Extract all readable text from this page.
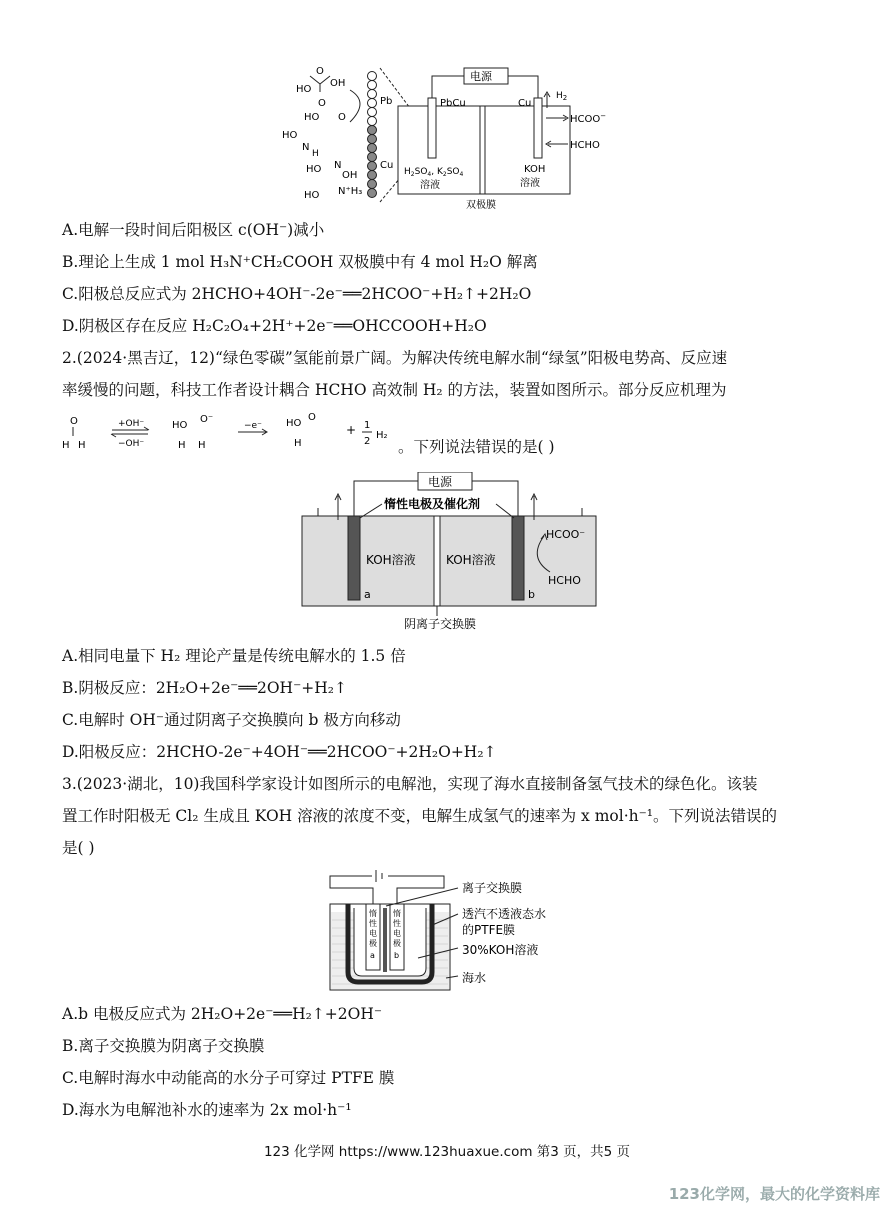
HO
OH
O
O
HO O
HO
N
H
HO N
OH
HO N⁺H₃
Pb
Cu
电源
PbCu	Cu
$H_2$
HCOO−
HCHO
$H_2SO_4$, $K_2SO_4$
溶液
KOH
溶液
双极膜
A.电解一段时间后阳极区 c(OH⁻)减小
B.理论上生成 1 mol H₃N⁺CH₂COOH 双极膜中有 4 mol H₂O 解离
C.阳极总反应式为 2HCHO+4OH⁻-2e⁻══2HCOO⁻+H₂↑+2H₂O
D.阴极区存在反应 H₂C₂O₄+2H⁺+2e⁻══OHCCOOH+H₂O
2.(2024·黑吉辽，12)“绿色零碳”氢能前景广阔。为解决传统电解水制“绿氢”阳极电势高、反应速
率缓慢的问题，科技工作者设计耦合 HCHO 高效制 H₂ 的方法，装置如图所示。部分反应机理为
O
H H
+OH⁻
−OH⁻
HO
O⁻
H H
−e⁻ HO
O
H
+ 1
2
H₂
。下列说法错误的是( )
电源
惰性电极及催化剂
KOH溶液	KOH溶液
HCOO⁻
HCHO
a	b
阴离子交换膜
A.相同电量下 H₂ 理论产量是传统电解水的 1.5 倍
B.阴极反应：2H₂O+2e⁻══2OH⁻+H₂↑
C.电解时 OH⁻通过阴离子交换膜向 b 极方向移动
D.阳极反应：2HCHO-2e⁻+4OH⁻══2HCOO⁻+2H₂O+H₂↑
3.(2023·湖北，10)我国科学家设计如图所示的电解池，实现了海水直接制备氢气技术的绿色化。该装
置工作时阳极无 Cl₂ 生成且 KOH 溶液的浓度不变，电解生成氢气的速率为 x mol·h⁻¹。下列说法错误的
是( )
惰性电极 a
惰性电极 b
离子交换膜
透汽不透液态水
的PTFE膜
30%KOH溶液
海水
A.b 电极反应式为 2H₂O+2e⁻══H₂↑+2OH⁻
B.离子交换膜为阴离子交换膜
C.电解时海水中动能高的水分子可穿过 PTFE 膜
D.海水为电解池补水的速率为 2x mol·h⁻¹
123 化学网 https://www.123huaxue.com 第3 页，共5 页
123化学网，最大的化学资料库
